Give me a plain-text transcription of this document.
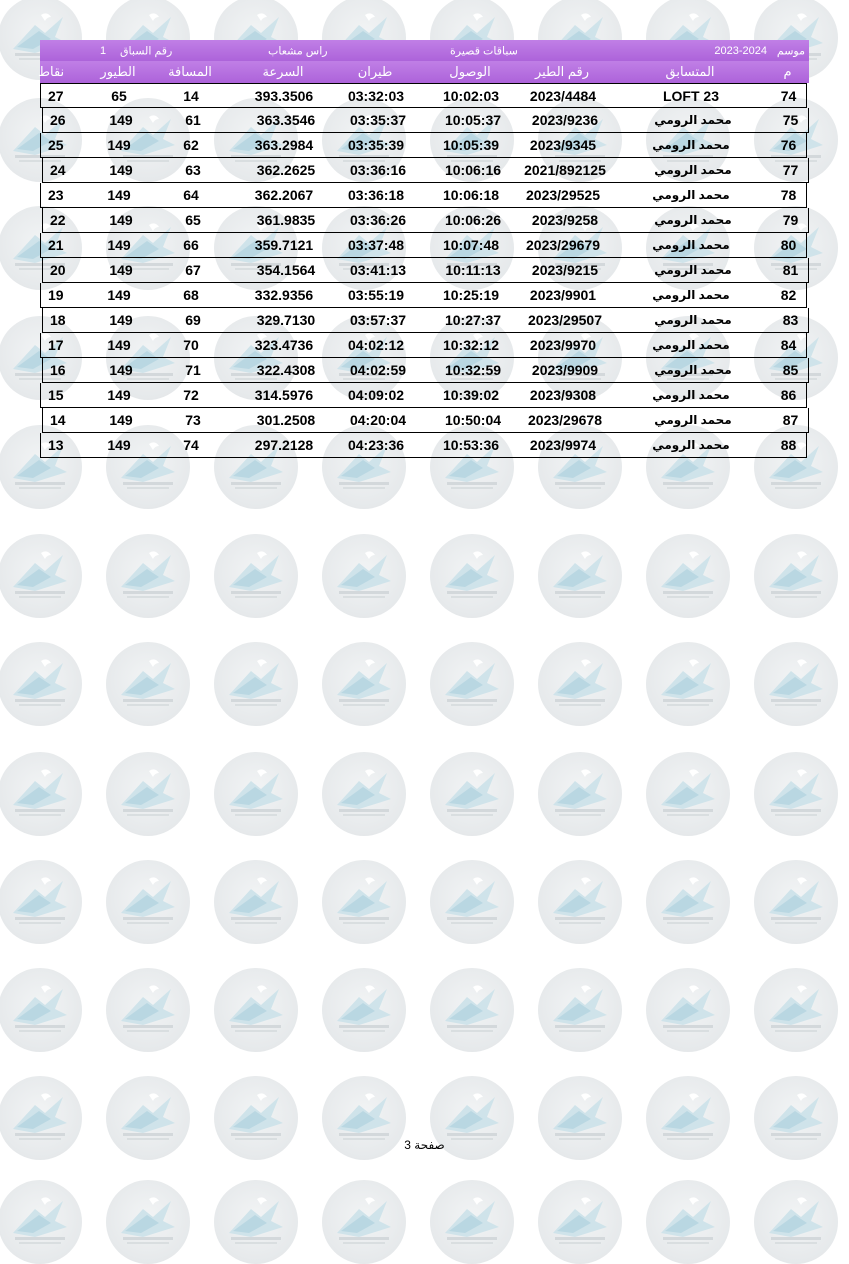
موسم
2023-2024
سباقات قصيرة
راس مشعاب
رقم السباق
1
نقاط	الطيور	المسافة	السرعة	طيران	الوصول	رقم الطير	المتسابق	م
27	65	14	393.3506	03:32:03	10:02:03	2023/4484	LOFT 23	74
26	149	61	363.3546	03:35:37	10:05:37	2023/9236	محمد الرومي	75
25	149	62	363.2984	03:35:39	10:05:39	2023/9345	محمد الرومي	76
24	149	63	362.2625	03:36:16	10:06:16	2021/892125	محمد الرومي	77
23	149	64	362.2067	03:36:18	10:06:18	2023/29525	محمد الرومي	78
22	149	65	361.9835	03:36:26	10:06:26	2023/9258	محمد الرومي	79
21	149	66	359.7121	03:37:48	10:07:48	2023/29679	محمد الرومي	80
20	149	67	354.1564	03:41:13	10:11:13	2023/9215	محمد الرومي	81
19	149	68	332.9356	03:55:19	10:25:19	2023/9901	محمد الرومي	82
18	149	69	329.7130	03:57:37	10:27:37	2023/29507	محمد الرومي	83
17	149	70	323.4736	04:02:12	10:32:12	2023/9970	محمد الرومي	84
16	149	71	322.4308	04:02:59	10:32:59	2023/9909	محمد الرومي	85
15	149	72	314.5976	04:09:02	10:39:02	2023/9308	محمد الرومي	86
14	149	73	301.2508	04:20:04	10:50:04	2023/29678	محمد الرومي	87
13	149	74	297.2128	04:23:36	10:53:36	2023/9974	محمد الرومي	88
صفحة 3
